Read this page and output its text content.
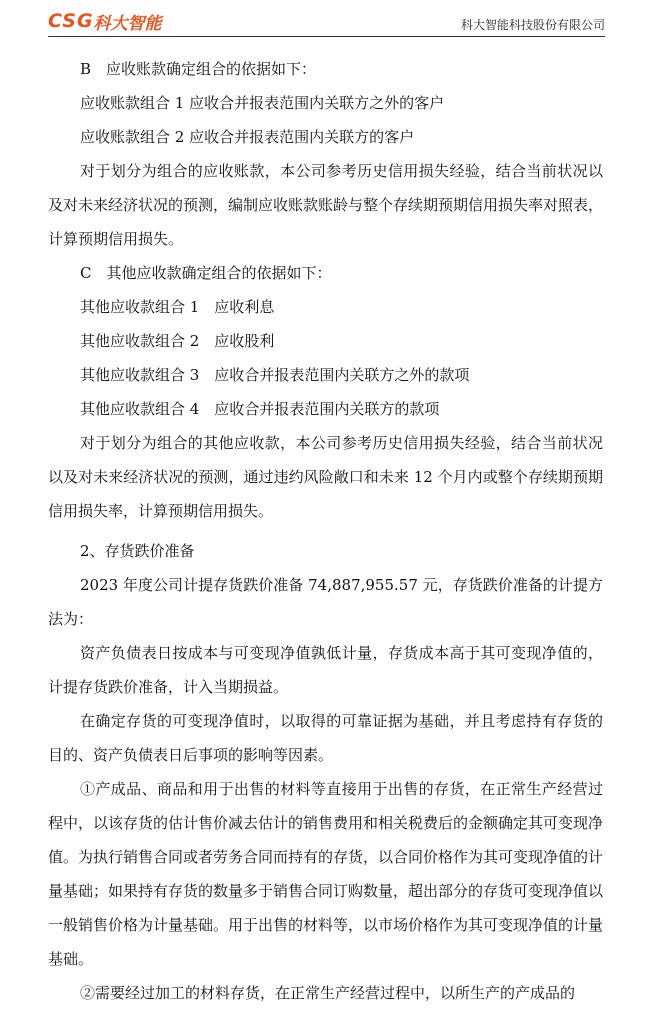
CSG 科大智能	科大智能科技股份有限公司

B　应收账款确定组合的依据如下：

应收账款组合 1 应收合并报表范围内关联方之外的客户

应收账款组合 2 应收合并报表范围内关联方的客户

对于划分为组合的应收账款，本公司参考历史信用损失经验，结合当前状况以及对未来经济状况的预测，编制应收账款账龄与整个存续期预期信用损失率对照表，计算预期信用损失。

C　其他应收款确定组合的依据如下：

其他应收款组合 1　应收利息

其他应收款组合 2　应收股利

其他应收款组合 3　应收合并报表范围内关联方之外的款项

其他应收款组合 4　应收合并报表范围内关联方的款项

对于划分为组合的其他应收款，本公司参考历史信用损失经验，结合当前状况以及对未来经济状况的预测，通过违约风险敞口和未来 12 个月内或整个存续期预期信用损失率，计算预期信用损失。

2、存货跌价准备

2023 年度公司计提存货跌价准备 74,887,955.57 元，存货跌价准备的计提方法为：

资产负债表日按成本与可变现净值孰低计量，存货成本高于其可变现净值的，计提存货跌价准备，计入当期损益。

在确定存货的可变现净值时，以取得的可靠证据为基础，并且考虑持有存货的目的、资产负债表日后事项的影响等因素。

①产成品、商品和用于出售的材料等直接用于出售的存货，在正常生产经营过程中，以该存货的估计售价减去估计的销售费用和相关税费后的金额确定其可变现净值。为执行销售合同或者劳务合同而持有的存货，以合同价格作为其可变现净值的计量基础；如果持有存货的数量多于销售合同订购数量，超出部分的存货可变现净值以一般销售价格为计量基础。用于出售的材料等，以市场价格作为其可变现净值的计量基础。

②需要经过加工的材料存货，在正常生产经营过程中，以所生产的产成品的
